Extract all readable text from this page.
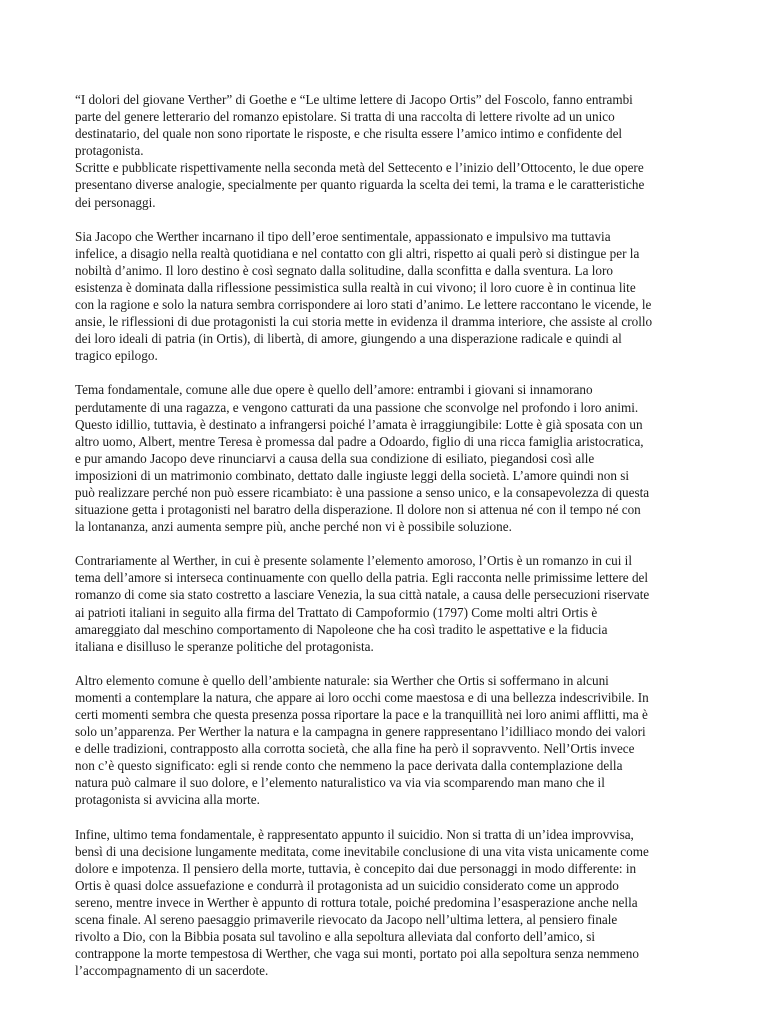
“I dolori del giovane Verther” di Goethe e “Le ultime lettere di Jacopo Ortis” del Foscolo, fanno entrambi
parte del genere letterario del romanzo epistolare. Si tratta di una raccolta di lettere rivolte ad un unico
destinatario, del quale non sono riportate le risposte, e che risulta essere l’amico intimo e confidente del
protagonista.

Scritte e pubblicate rispettivamente nella seconda metà del Settecento e l’inizio dell’Ottocento, le due opere
presentano diverse analogie, specialmente per quanto riguarda la scelta dei temi, la trama e le caratteristiche
dei personaggi.

Sia Jacopo che Werther incarnano il tipo dell’eroe sentimentale, appassionato e impulsivo ma tuttavia
infelice, a disagio nella realtà quotidiana e nel contatto con gli altri, rispetto ai quali però si distingue per la
nobiltà d’animo. Il loro destino è così segnato dalla solitudine, dalla sconfitta e dalla sventura. La loro
esistenza è dominata dalla riflessione pessimistica sulla realtà in cui vivono; il loro cuore è in continua lite
con la ragione e solo la natura sembra corrispondere ai loro stati d’animo. Le lettere raccontano le vicende, le
ansie, le riflessioni di due protagonisti la cui storia mette in evidenza il dramma interiore, che assiste al crollo
dei loro ideali di patria (in Ortis), di libertà, di amore, giungendo a una disperazione radicale e quindi al
tragico epilogo.

Tema fondamentale, comune alle due opere è quello dell’amore: entrambi i giovani si innamorano
perdutamente di una ragazza, e vengono catturati da una passione che sconvolge nel profondo i loro animi.
Questo idillio, tuttavia, è destinato a infrangersi poiché l’amata è irraggiungibile: Lotte è già sposata con un
altro uomo, Albert, mentre Teresa è promessa dal padre a Odoardo, figlio di una ricca famiglia aristocratica,
e pur amando Jacopo deve rinunciarvi a causa della sua condizione di esiliato, piegandosi così alle
imposizioni di un matrimonio combinato, dettato dalle ingiuste leggi della società. L’amore quindi non si
può realizzare perché non può essere ricambiato: è una passione a senso unico, e la consapevolezza di questa
situazione getta i protagonisti nel baratro della disperazione. Il dolore non si attenua né con il tempo né con
la lontananza, anzi aumenta sempre più, anche perché non vi è possibile soluzione.

Contrariamente al Werther, in cui è presente solamente l’elemento amoroso, l’Ortis è un romanzo in cui il
tema dell’amore si interseca continuamente con quello della patria. Egli racconta nelle primissime lettere del
romanzo di come sia stato costretto a lasciare Venezia, la sua città natale, a causa delle persecuzioni riservate
ai patrioti italiani in seguito alla firma del Trattato di Campoformio (1797) Come molti altri Ortis è
amareggiato dal meschino comportamento di Napoleone che ha così tradito le aspettative e la fiducia
italiana e disilluso le speranze politiche del protagonista.

Altro elemento comune è quello dell’ambiente naturale: sia Werther che Ortis si soffermano in alcuni
momenti a contemplare la natura, che appare ai loro occhi come maestosa e di una bellezza indescrivibile. In
certi momenti sembra che questa presenza possa riportare la pace e la tranquillità nei loro animi afflitti, ma è
solo un’apparenza. Per Werther la natura e la campagna in genere rappresentano l’idilliaco mondo dei valori
e delle tradizioni, contrapposto alla corrotta società, che alla fine ha però il sopravvento. Nell’Ortis invece
non c’è questo significato: egli si rende conto che nemmeno la pace derivata dalla contemplazione della
natura può calmare il suo dolore, e l’elemento naturalistico va via via scomparendo man mano che il
protagonista si avvicina alla morte.

Infine, ultimo tema fondamentale, è rappresentato appunto il suicidio. Non si tratta di un’idea improvvisa,
bensì di una decisione lungamente meditata, come inevitabile conclusione di una vita vista unicamente come
dolore e impotenza. Il pensiero della morte, tuttavia, è concepito dai due personaggi in modo differente: in
Ortis è quasi dolce assuefazione e condurrà il protagonista ad un suicidio considerato come un approdo
sereno, mentre invece in Werther è appunto di rottura totale, poiché predomina l’esasperazione anche nella
scena finale. Al sereno paesaggio primaverile rievocato da Jacopo nell’ultima lettera, al pensiero finale
rivolto a Dio, con la Bibbia posata sul tavolino e alla sepoltura alleviata dal conforto dell’amico, si
contrappone la morte tempestosa di Werther, che vaga sui monti, portato poi alla sepoltura senza nemmeno
l’accompagnamento di un sacerdote.
